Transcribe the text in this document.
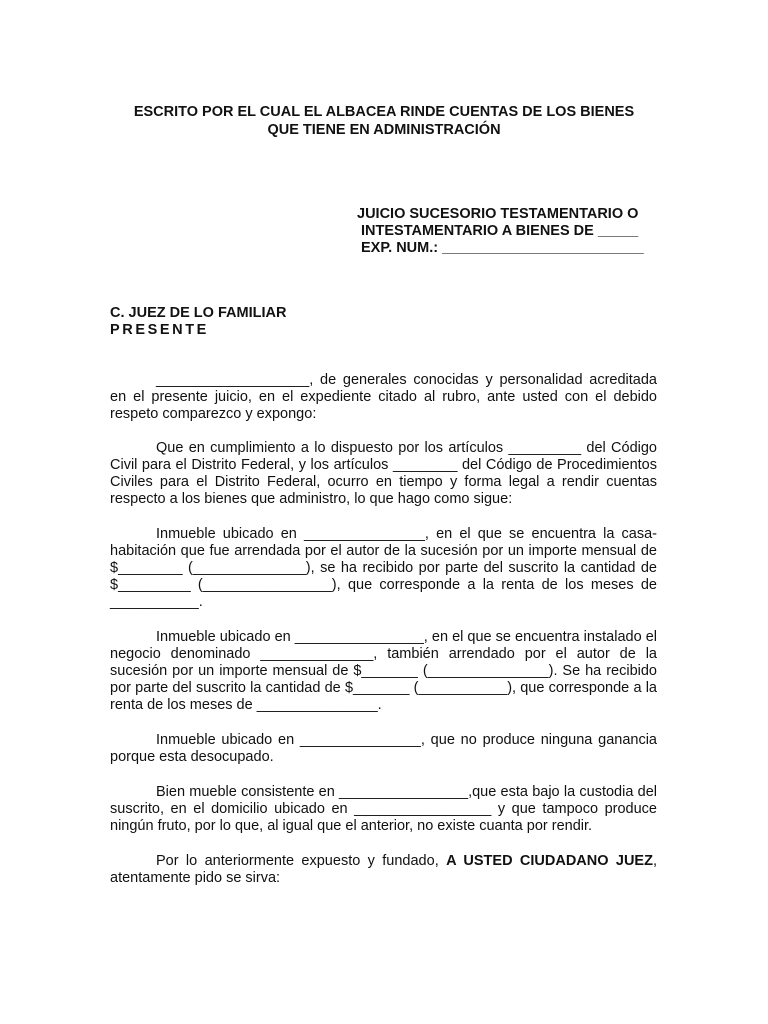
ESCRITO POR EL CUAL EL ALBACEA RINDE CUENTAS DE LOS BIENES
QUE TIENE EN ADMINISTRACIÓN
JUICIO SUCESORIO TESTAMENTARIO O
INTESTAMENTARIO A BIENES DE _____
EXP. NUM.: _________________________
C. JUEZ DE LO FAMILIAR
PRESENTE

___________________, de generales conocidas y personalidad acreditada en el presente juicio, en el expediente citado al rubro, ante usted con el debido respeto comparezco y expongo:

Que en cumplimiento a lo dispuesto por los artículos _________ del Código Civil para el Distrito Federal, y los artículos ________ del Código de Procedimientos Civiles para el Distrito Federal, ocurro en tiempo y forma legal a rendir cuentas respecto a los bienes que administro, lo que hago como sigue:

Inmueble ubicado en _______________, en el que se encuentra la casa-habitación que fue arrendada por el autor de la sucesión por un importe mensual de $________ (______________), se ha recibido por parte del suscrito la cantidad de $_________ (________________), que corresponde a la renta de los meses de ___________.

Inmueble ubicado en ________________, en el que se encuentra instalado el negocio denominado ______________, también arrendado por el autor de la sucesión por un importe mensual de $_______ (_______________). Se ha recibido por parte del suscrito la cantidad de $_______ (___________), que corresponde a la renta de los meses de _______________.

Inmueble ubicado en _______________, que no produce ninguna ganancia porque esta desocupado.

Bien mueble consistente en ________________,que esta bajo la custodia del suscrito, en el domicilio ubicado en _________________ y que tampoco produce ningún fruto, por lo que, al igual que el anterior, no existe cuanta por rendir.

Por lo anteriormente expuesto y fundado, A USTED CIUDADANO JUEZ, atentamente pido se sirva:
